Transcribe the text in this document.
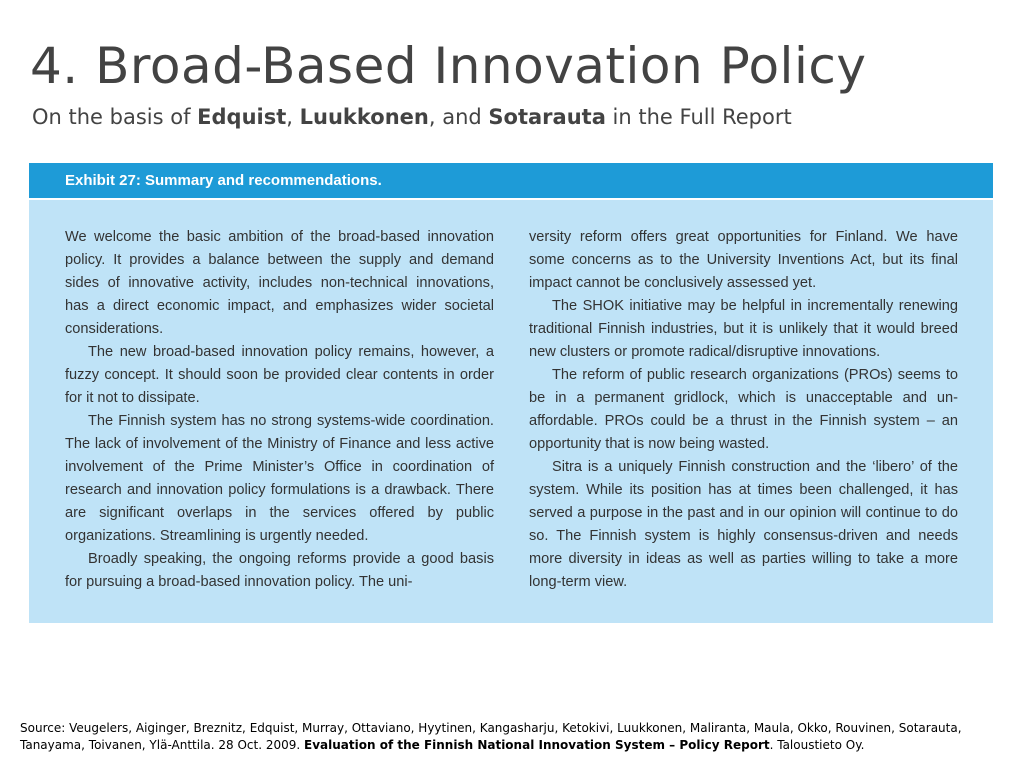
4. Broad-Based Innovation Policy
On the basis of Edquist, Luukkonen, and Sotarauta in the Full Report
Exhibit 27: Summary and recommendations.

We welcome the basic ambition of the broad-based innovation policy. It provides a balance between the supply and demand sides of innovative activity, includes non-technical innovations, has a direct economic impact, and emphasizes wider societal considerations.

The new broad-based innovation policy remains, however, a fuzzy concept. It should soon be provided clear contents in order for it not to dissipate.

The Finnish system has no strong systems-wide coordination. The lack of involvement of the Ministry of Finance and less active involvement of the Prime Minister’s Office in coordination of research and innovation policy formulations is a drawback. There are significant overlaps in the services offered by public organizations. Streamlining is urgently needed.

Broadly speaking, the ongoing reforms provide a good basis for pursuing a broad-based innovation policy. The uni-

versity reform offers great opportunities for Finland. We have some concerns as to the University Inventions Act, but its final impact cannot be conclusively assessed yet.

The SHOK initiative may be helpful in incrementally renewing traditional Finnish industries, but it is unlikely that it would breed new clusters or promote radical/disruptive innovations.

The reform of public research organizations (PROs) seems to be in a permanent gridlock, which is unacceptable and unaffordable. PROs could be a thrust in the Finnish system – an opportunity that is now being wasted.

Sitra is a uniquely Finnish construction and the ‘libero’ of the system. While its position has at times been challenged, it has served a purpose in the past and in our opinion will continue to do so. The Finnish system is highly consensus-driven and needs more diversity in ideas as well as parties willing to take a more long-term view.

Source: Veugelers, Aiginger, Breznitz, Edquist, Murray, Ottaviano, Hyytinen, Kangasharju, Ketokivi, Luukkonen, Maliranta, Maula, Okko, Rouvinen, Sotarauta, Tanayama, Toivanen, Ylä-Anttila. 28 Oct. 2009. Evaluation of the Finnish National Innovation System – Policy Report. Taloustieto Oy.
